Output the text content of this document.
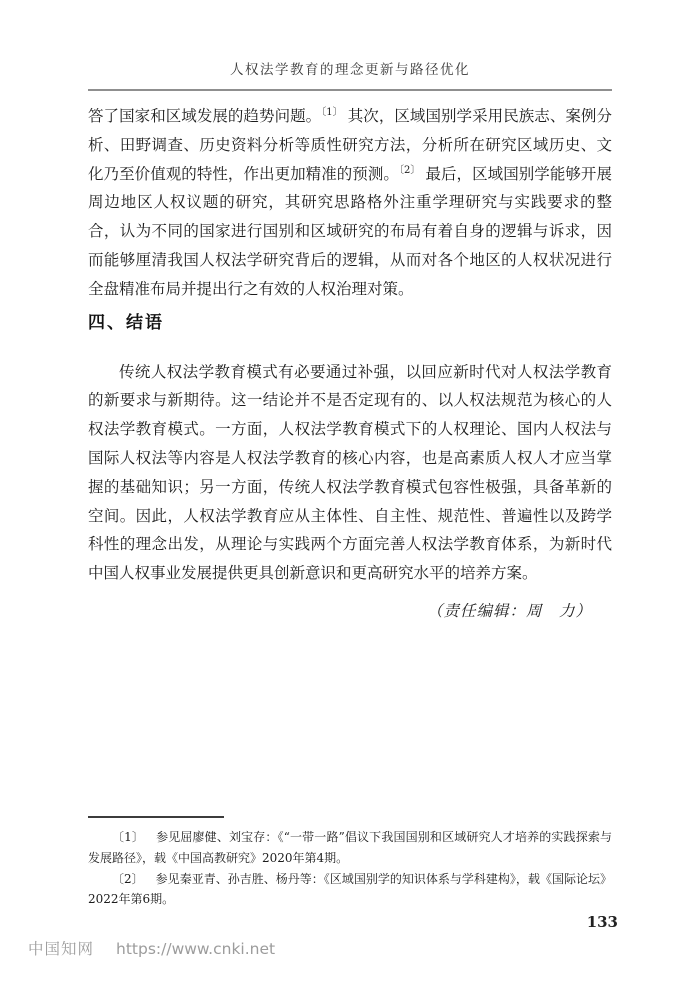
人权法学教育的理念更新与路径优化

答了国家和区域发展的趋势问题。$^{〔1〕}$ 其次，区域国别学采用民族志、案例分析、田野调查、历史资料分析等质性研究方法，分析所在研究区域历史、文化乃至价值观的特性，作出更加精准的预测。$^{〔2〕}$ 最后，区域国别学能够开展周边地区人权议题的研究，其研究思路格外注重学理研究与实践要求的整合，认为不同的国家进行国别和区域研究的布局有着自身的逻辑与诉求，因而能够厘清我国人权法学研究背后的逻辑，从而对各个地区的人权状况进行全盘精准布局并提出行之有效的人权治理对策。

四、结语

传统人权法学教育模式有必要通过补强，以回应新时代对人权法学教育的新要求与新期待。这一结论并不是否定现有的、以人权法规范为核心的人权法学教育模式。一方面，人权法学教育模式下的人权理论、国内人权法与国际人权法等内容是人权法学教育的核心内容，也是高素质人权人才应当掌握的基础知识；另一方面，传统人权法学教育模式包容性极强，具备革新的空间。因此，人权法学教育应从主体性、自主性、规范性、普遍性以及跨学科性的理念出发，从理论与实践两个方面完善人权法学教育体系，为新时代中国人权事业发展提供更具创新意识和更高研究水平的培养方案。

（责任编辑：周　力）

〔1〕 参见屈廖健、刘宝存：《“一带一路”倡议下我国国别和区域研究人才培养的实践探索与发展路径》，载《中国高教研究》2020年第4期。

〔2〕 参见秦亚青、孙吉胜、杨丹等：《区域国别学的知识体系与学科建构》，载《国际论坛》2022年第6期。

133
中国知网 https://www.cnki.net
